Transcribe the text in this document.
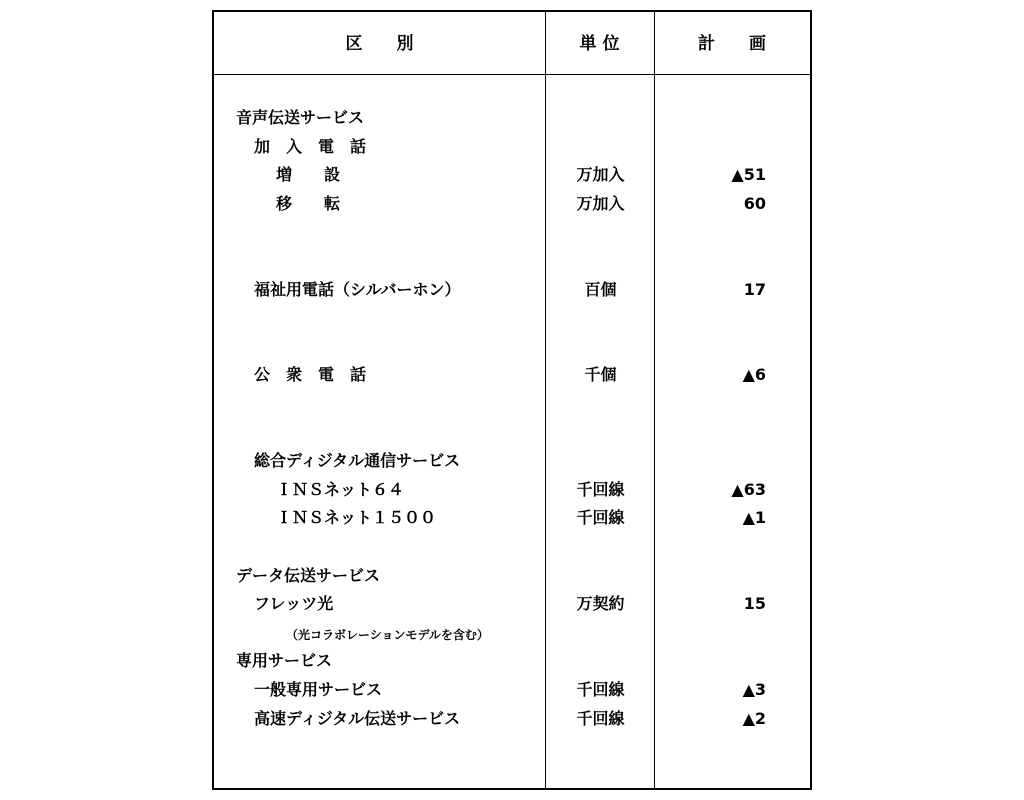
区　　別	単 位	計　　画
音声伝送サービス
加　入　電　話
増　　設	万加入	▲51
移　　転	万加入	60
福祉用電話（シルバーホン）	百個	17
公　衆　電　話	千個	▲6
総合ディジタル通信サービス
ＩＮＳネット６４	千回線	▲63
ＩＮＳネット１５００	千回線	▲1
データ伝送サービス
フレッツ光	万契約	15
（光コラボレーションモデルを含む）
専用サービス
一般専用サービス	千回線	▲3
高速ディジタル伝送サービス	千回線	▲2
